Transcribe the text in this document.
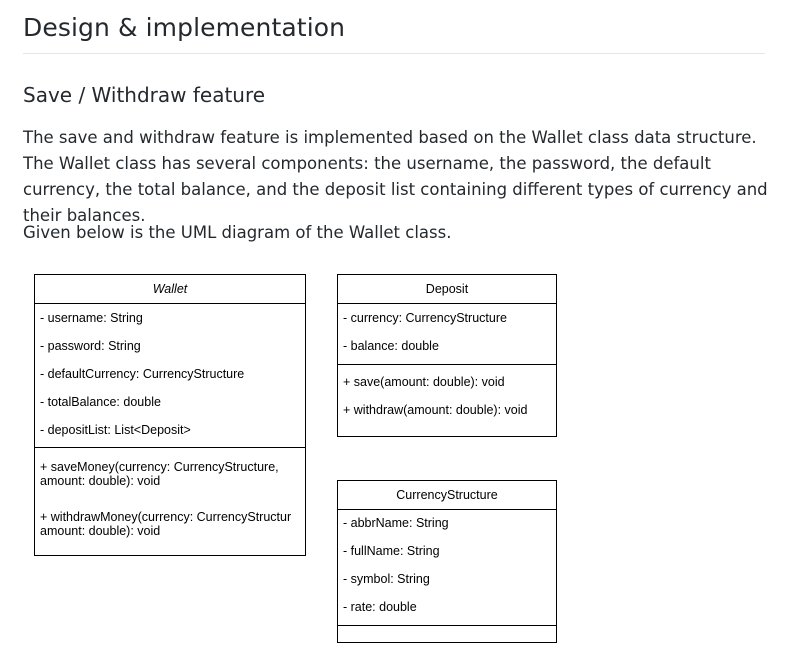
Design & implementation
Save / Withdraw feature

The save and withdraw feature is implemented based on the Wallet class data structure. The Wallet class has several components: the username, the password, the default currency, the total balance, and the deposit list containing different types of currency and their balances.

Given below is the UML diagram of the Wallet class.

Wallet
- username: String
- password: String
- defaultCurrency: CurrencyStructure
- totalBalance: double
- depositList: List<Deposit>
+ saveMoney(currency: CurrencyStructure,
amount: double): void
+ withdrawMoney(currency: CurrencyStructur
amount: double): void
Deposit
- currency: CurrencyStructure
- balance: double
+ save(amount: double): void
+ withdraw(amount: double): void
CurrencyStructure
- abbrName: String
- fullName: String
- symbol: String
- rate: double
